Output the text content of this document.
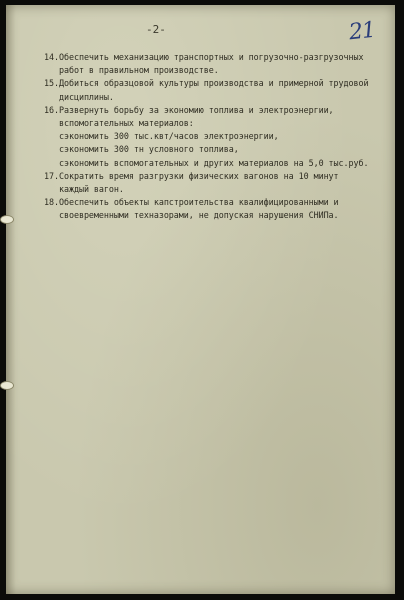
21
-2-
14.Обеспечить механизацию транспортных и погрузочно-разгрузочных
работ в правильном производстве.
15.Добиться образцовой культуры производства и примерной трудовой
дисциплины.
16.Развернуть борьбу за экономию топлива и электроэнергии,
вспомогательных материалов:
сэкономить 300 тыс.квт/часов электроэнергии,
сэкономить 300 тн условного топлива,
сэкономить вспомогательных и других материалов на 5,0 тыс.руб.
17.Сократить время разгрузки физических вагонов на 10 минут
каждый вагон.
18.Обеспечить объекты капстроительства квалифицированными и
своевременными техназорами, не допуская нарушения СНИПа.
